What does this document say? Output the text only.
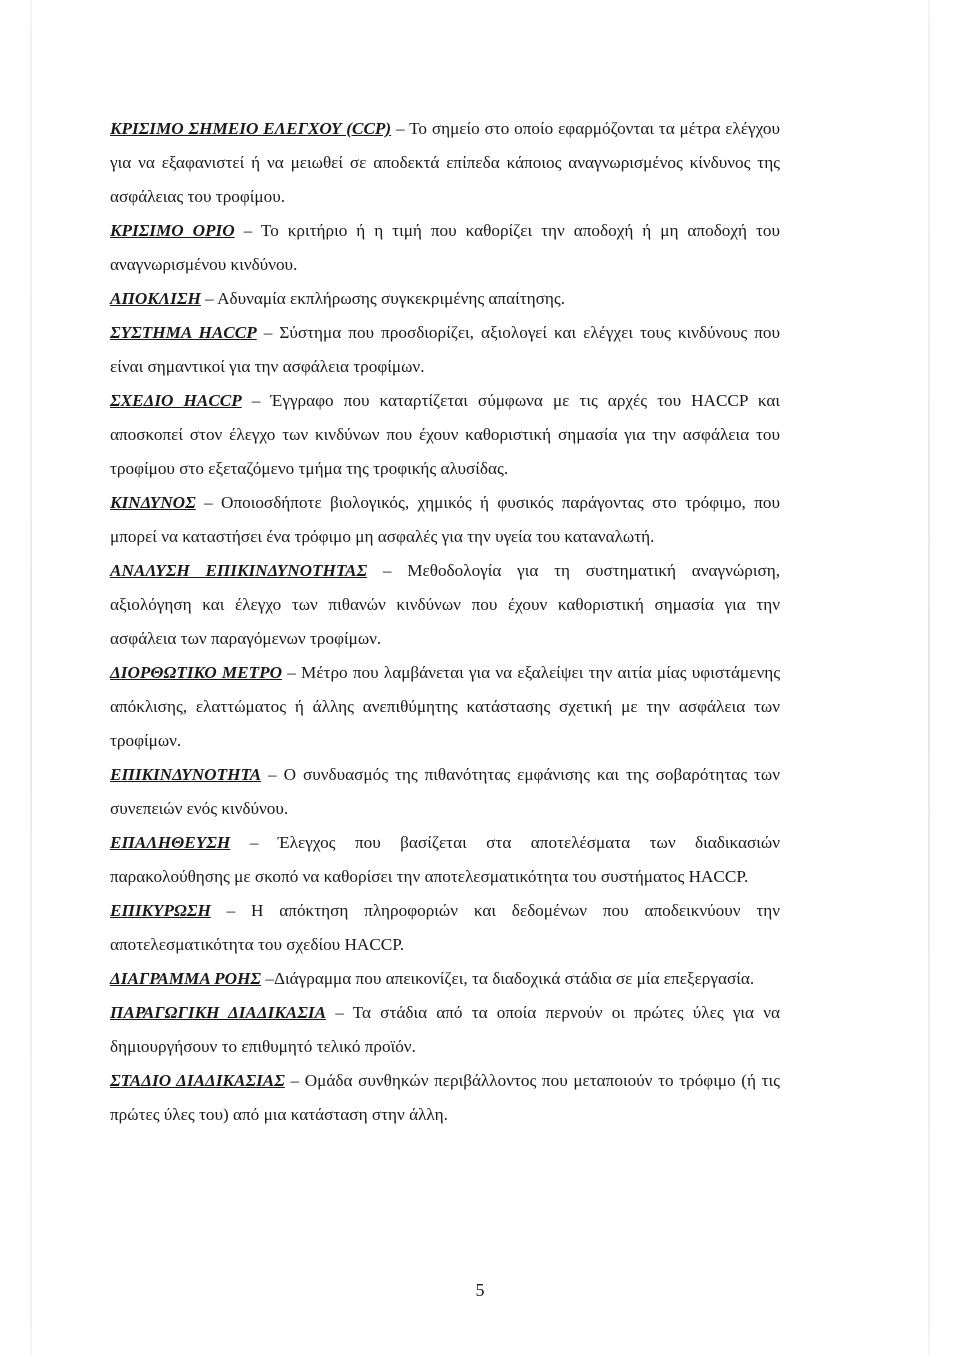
ΚΡΙΣΙΜΟ ΣΗΜΕΙΟ ΕΛΕΓΧΟΥ (CCP) – Το σημείο στο οποίο εφαρμόζονται τα μέτρα ελέγχου για να εξαφανιστεί ή να μειωθεί σε αποδεκτά επίπεδα κάποιος αναγνωρισμένος κίνδυνος της ασφάλειας του τροφίμου.

ΚΡΙΣΙΜΟ ΟΡΙΟ – Το κριτήριο ή η τιμή που καθορίζει την αποδοχή ή μη αποδοχή του αναγνωρισμένου κινδύνου.

ΑΠΟΚΛΙΣΗ – Αδυναμία εκπλήρωσης συγκεκριμένης απαίτησης.

ΣΥΣΤΗΜΑ HACCP – Σύστημα που προσδιορίζει, αξιολογεί και ελέγχει τους κινδύνους που είναι σημαντικοί για την ασφάλεια τροφίμων.

ΣΧΕΔΙΟ HACCP – Έγγραφο που καταρτίζεται σύμφωνα με τις αρχές του HACCP και αποσκοπεί στον έλεγχο των κινδύνων που έχουν καθοριστική σημασία για την ασφάλεια του τροφίμου στο εξεταζόμενο τμήμα της τροφικής αλυσίδας.

ΚΙΝΔΥΝΟΣ – Οποιοσδήποτε βιολογικός, χημικός ή φυσικός παράγοντας στο τρόφιμο, που μπορεί να καταστήσει ένα τρόφιμο μη ασφαλές για την υγεία του καταναλωτή.

ΑΝΑΛΥΣΗ ΕΠΙΚΙΝΔΥΝΟΤΗΤΑΣ – Μεθοδολογία για τη συστηματική αναγνώριση, αξιολόγηση και έλεγχο των πιθανών κινδύνων που έχουν καθοριστική σημασία για την ασφάλεια των παραγόμενων τροφίμων.

ΔΙΟΡΘΩΤΙΚΟ ΜΕΤΡΟ – Μέτρο που λαμβάνεται για να εξαλείψει την αιτία μίας υφιστάμενης απόκλισης, ελαττώματος ή άλλης ανεπιθύμητης κατάστασης σχετική με την ασφάλεια των τροφίμων.

ΕΠΙΚΙΝΔΥΝΟΤΗΤΑ – Ο συνδυασμός της πιθανότητας εμφάνισης και της σοβαρότητας των συνεπειών ενός κινδύνου.

ΕΠΑΛΗΘΕΥΣΗ – Έλεγχος που βασίζεται στα αποτελέσματα των διαδικασιών παρακολούθησης με σκοπό να καθορίσει την αποτελεσματικότητα του συστήματος HACCP.

ΕΠΙΚΥΡΩΣΗ – Η απόκτηση πληροφοριών και δεδομένων που αποδεικνύουν την αποτελεσματικότητα του σχεδίου HACCP.

ΔΙΑΓΡΑΜΜΑ ΡΟΗΣ –Διάγραμμα που απεικονίζει, τα διαδοχικά στάδια σε μία επεξεργασία.

ΠΑΡΑΓΩΓΙΚΗ ΔΙΑΔΙΚΑΣΙΑ – Τα στάδια από τα οποία περνούν οι πρώτες ύλες για να δημιουργήσουν το επιθυμητό τελικό προϊόν.

ΣΤΑΔΙΟ ΔΙΑΔΙΚΑΣΙΑΣ – Ομάδα συνθηκών περιβάλλοντος που μεταποιούν το τρόφιμο (ή τις πρώτες ύλες του) από μια κατάσταση στην άλλη.

5
